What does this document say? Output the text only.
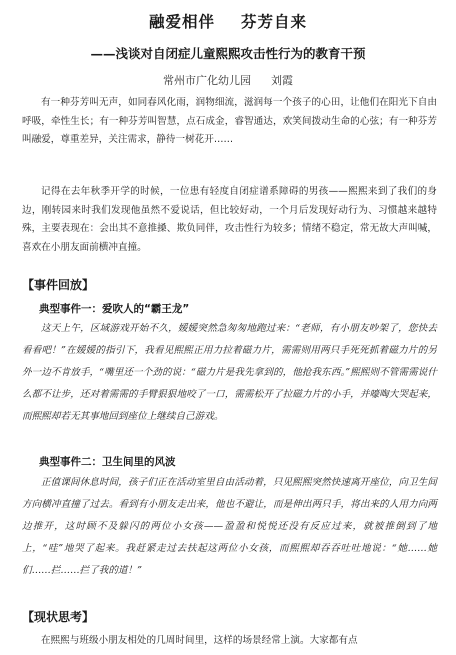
融爱相伴 芬芳自来
——浅谈对自闭症儿童熙熙攻击性行为的教育干预
常州市广化幼儿园 刘霞
有一种芬芳叫无声，如同春风化雨，润物细流，滋润每一个孩子的心田，让他们在阳光下自由呼吸，牵性生长；有一种芬芳叫智慧，点石成金，睿智通达，欢笑间拨动生命的心弦；有一种芬芳叫融爱，尊重差异，关注需求，静待一树花开……
记得在去年秋季开学的时候，一位患有轻度自闭症谱系障碍的男孩——熙熙来到了我们的身边，刚转园来时我们发现他虽然不爱说话，但比较好动，一个月后发现好动行为、习惯越来越特殊，主要表现在：会出其不意推搡、欺负同伴，攻击性行为较多；情绪不稳定，常无故大声叫喊，喜欢在小朋友面前横冲直撞。
【事件回放】
典型事件一：爱吹人的“霸王龙”
这天上午，区域游戏开始不久，媛媛突然急匆匆地跑过来：“老师，有小朋友吵架了，您快去看看吧！”在媛媛的指引下，我看见熙熙正用力拉着磁力片，需需则用两只手死死抓着磁力片的另外一边不肯放手，“嘴里还一个劲的说：“磁力片是我先拿到的，他抢我东西。”熙熙则不管需需说什么都不让步，还对着需需的手臂狠狠地咬了一口，需需松开了拉磁力片的小手，并嚎啕大哭起来，而熙熙却若无其事地回到座位上继续自己游戏。
典型事件二：卫生间里的风波
正值课间休息时间，孩子们正在活动室里自由活动着，只见熙熙突然快速离开座位，向卫生间方向横冲直撞了过去。看到有小朋友走出来，他也不避让，而是伸出两只手，将出来的人用力向两边推开，这时顾不及躲闪的两位小女孩——盈盈和悦悦还没有反应过来，就被推倒到了地上，“哇”地哭了起来。我赶紧走过去扶起这两位小女孩，而熙熙却吞吞吐吐地说：“她……她们……拦……拦了我的道！”
【现状思考】
在熙熙与班级小朋友相处的几周时间里，这样的场景经常上演。大家都有点
